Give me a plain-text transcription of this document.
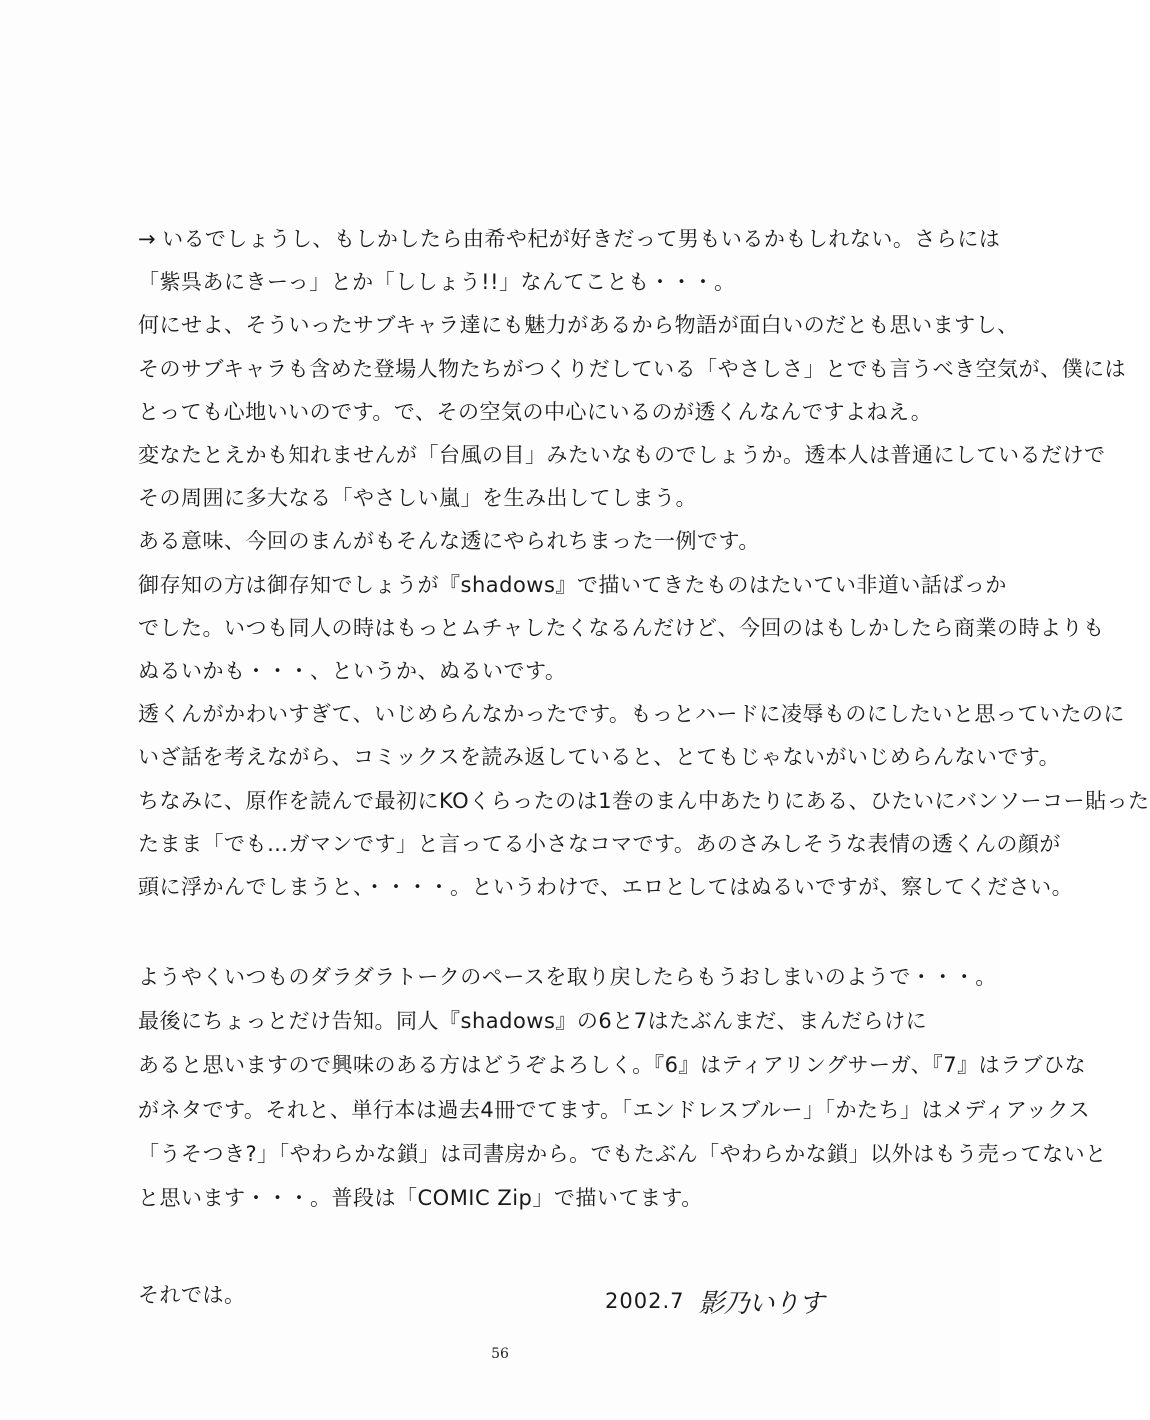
→ いるでしょうし、もしかしたら由希や杞が好きだって男もいるかもしれない。さらには
「紫呉あにきーっ」とか「ししょう!!」なんてことも・・・。
何にせよ、そういったサブキャラ達にも魅力があるから物語が面白いのだとも思いますし、
そのサブキャラも含めた登場人物たちがつくりだしている「やさしさ」とでも言うべき空気が、僕には
とっても心地いいのです。で、その空気の中心にいるのが透くんなんですよねえ。
変なたとえかも知れませんが「台風の目」みたいなものでしょうか。透本人は普通にしているだけで
その周囲に多大なる「やさしい嵐」を生み出してしまう。
ある意味、今回のまんがもそんな透にやられちまった一例です。
御存知の方は御存知でしょうが『shadows』で描いてきたものはたいてい非道い話ばっか
でした。いつも同人の時はもっとムチャしたくなるんだけど、今回のはもしかしたら商業の時よりも
ぬるいかも・・・、というか、ぬるいです。
透くんがかわいすぎて、いじめらんなかったです。もっとハードに凌辱ものにしたいと思っていたのに
いざ話を考えながら、コミックスを読み返していると、とてもじゃないがいじめらんないです。
ちなみに、原作を読んで最初にKOくらったのは1巻のまん中あたりにある、ひたいにバンソーコー貼った
たまま「でも…ガマンです」と言ってる小さなコマです。あのさみしそうな表情の透くんの顔が
頭に浮かんでしまうと、・・・・。というわけで、エロとしてはぬるいですが、察してください。
ようやくいつものダラダラトークのペースを取り戻したらもうおしまいのようで・・・。
最後にちょっとだけ告知。同人『shadows』の6と7はたぶんまだ、まんだらけに
あると思いますので興味のある方はどうぞよろしく。『6』はティアリングサーガ、『7』はラブひな
がネタです。それと、単行本は過去4冊でてます。「エンドレスブルー」「かたち」はメディアックス
「うそつき?」「やわらかな鎖」は司書房から。でもたぶん「やわらかな鎖」以外はもう売ってないと
と思います・・・。普段は「COMIC Zip」で描いてます。
それでは。	2002.7 影乃いりす
56
